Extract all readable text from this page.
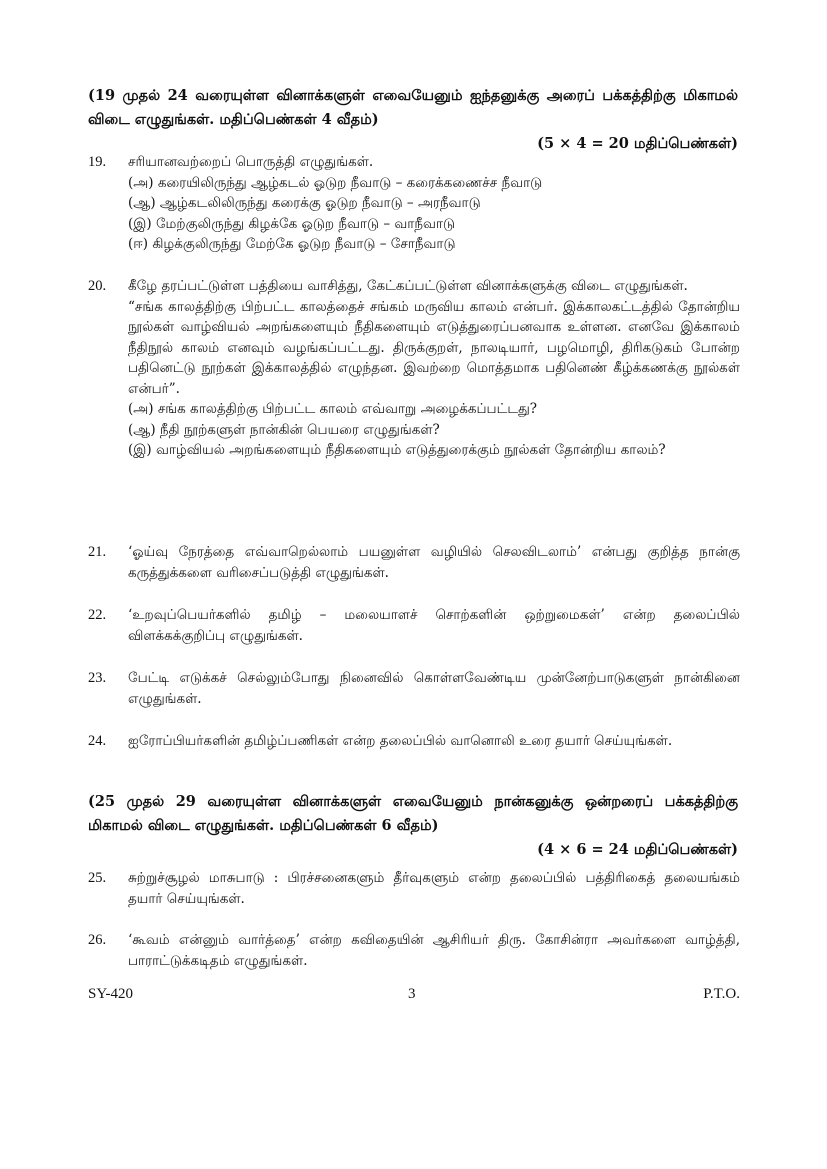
(19 முதல் 24 வரையுள்ள வினாக்களுள் எவையேனும் ஐந்தனுக்கு அரைப் பக்கத்திற்கு மிகாமல் விடை எழுதுங்கள். மதிப்பெண்கள் 4 வீதம்)
(5 × 4 = 20 மதிப்பெண்கள்)
19.	சரியானவற்றைப் பொருத்தி எழுதுங்கள்.
(அ) கரையிலிருந்து ஆழ்கடல் ஓடுற நீவாடு – கரைக்கணைச்ச நீவாடு
(ஆ) ஆழ்கடலிலிருந்து கரைக்கு ஓடுற நீவாடு – அரநீவாடு
(இ) மேற்குலிருந்து கிழக்கே ஓடுற நீவாடு – வாநீவாடு
(ஈ) கிழக்குலிருந்து மேற்கே ஓடுற நீவாடு – சோநீவாடு
20.	கீழே தரப்பட்டுள்ள பத்தியை வாசித்து, கேட்கப்பட்டுள்ள வினாக்களுக்கு விடை எழுதுங்கள்.
“சங்க காலத்திற்கு பிற்பட்ட காலத்தைச் சங்கம் மருவிய காலம் என்பர். இக்காலகட்டத்தில் தோன்றிய நூல்கள் வாழ்வியல் அறங்களையும் நீதிகளையும் எடுத்துரைப்பனவாக உள்ளன. எனவே இக்காலம் நீதிநூல் காலம் எனவும் வழங்கப்பட்டது. திருக்குறள், நாலடியார், பழமொழி, திரிகடுகம் போன்ற பதினெட்டு நூற்கள் இக்காலத்தில் எழுந்தன. இவற்றை மொத்தமாக பதினெண் கீழ்க்கணக்கு நூல்கள் என்பர்”.
(அ) சங்க காலத்திற்கு பிற்பட்ட காலம் எவ்வாறு அழைக்கப்பட்டது?
(ஆ) நீதி நூற்களுள் நான்கின் பெயரை எழுதுங்கள்?
(இ) வாழ்வியல் அறங்களையும் நீதிகளையும் எடுத்துரைக்கும் நூல்கள் தோன்றிய காலம்?
21.	‘ஓய்வு நேரத்தை எவ்வாறெல்லாம் பயனுள்ள வழியில் செலவிடலாம்’ என்பது குறித்த நான்கு கருத்துக்களை வரிசைப்படுத்தி எழுதுங்கள்.
22.	‘உறவுப்பெயர்களில் தமிழ் – மலையாளச் சொற்களின் ஒற்றுமைகள்’ என்ற தலைப்பில் விளக்கக்குறிப்பு எழுதுங்கள்.
23.	பேட்டி எடுக்கச் செல்லும்போது நினைவில் கொள்ளவேண்டிய முன்னேற்பாடுகளுள் நான்கினை எழுதுங்கள்.
24.	ஐரோப்பியர்களின் தமிழ்ப்பணிகள் என்ற தலைப்பில் வானொலி உரை தயார் செய்யுங்கள்.
(25 முதல் 29 வரையுள்ள வினாக்களுள் எவையேனும் நான்கனுக்கு ஒன்றரைப் பக்கத்திற்கு மிகாமல் விடை எழுதுங்கள். மதிப்பெண்கள் 6 வீதம்)
(4 × 6 = 24 மதிப்பெண்கள்)
25.	சுற்றுச்சூழல் மாசுபாடு : பிரச்சனைகளும் தீர்வுகளும் என்ற தலைப்பில் பத்திரிகைத் தலையங்கம் தயார் செய்யுங்கள்.
26.	‘கூவம் என்னும் வார்த்தை’ என்ற கவிதையின் ஆசிரியர் திரு. கோசின்ரா அவர்களை வாழ்த்தி, பாராட்டுக்கடிதம் எழுதுங்கள்.
SY-420	3	P.T.O.
